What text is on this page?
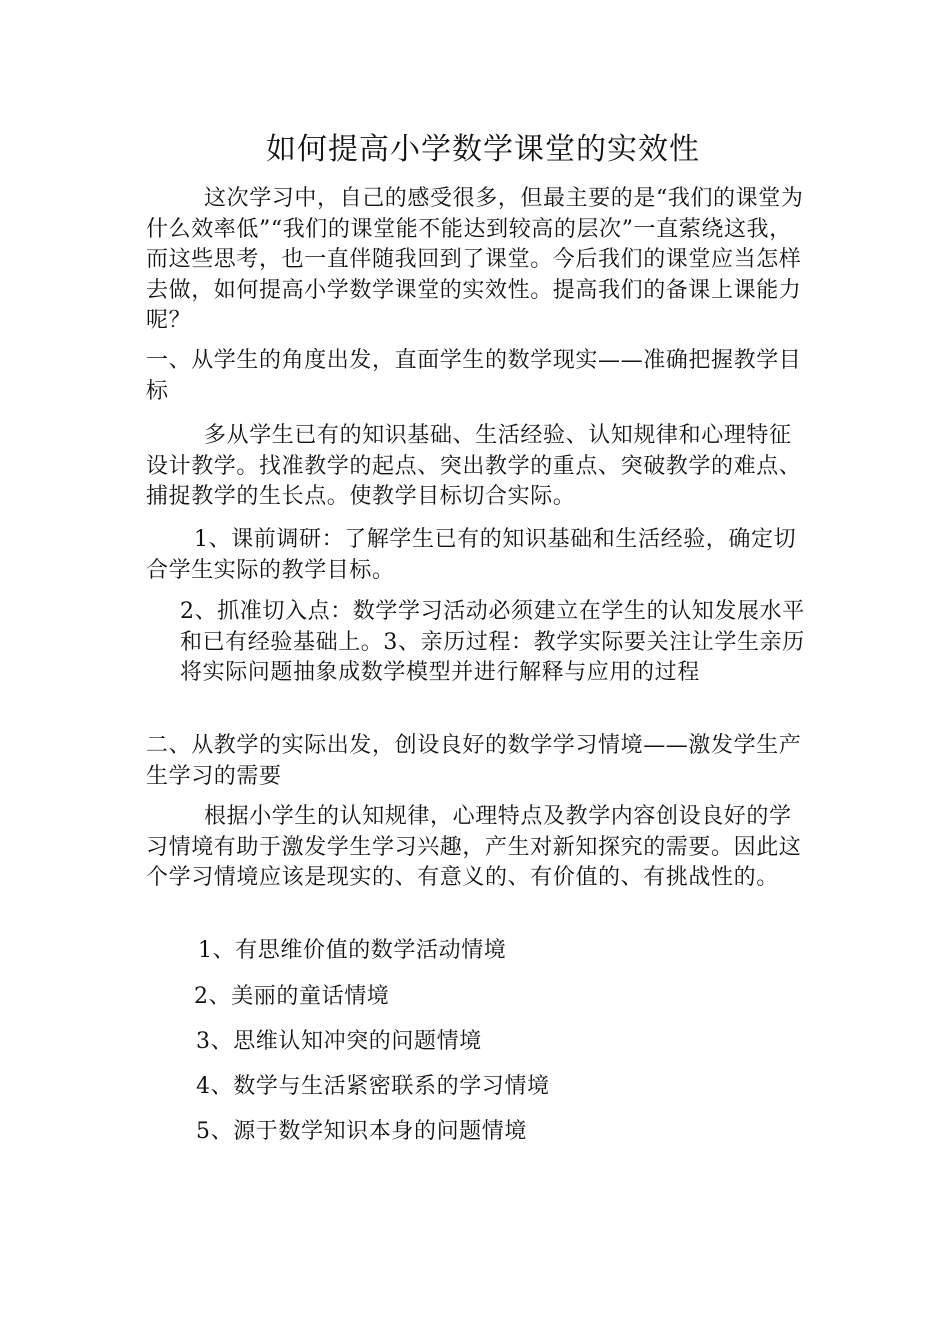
如何提高小学数学课堂的实效性

这次学习中，自己的感受很多，但最主要的是“我们的课堂为什么效率低”“我们的课堂能不能达到较高的层次”一直萦绕这我，而这些思考，也一直伴随我回到了课堂。今后我们的课堂应当怎样去做，如何提高小学数学课堂的实效性。提高我们的备课上课能力呢？

一、从学生的角度出发，直面学生的数学现实——准确把握教学目标

多从学生已有的知识基础、生活经验、认知规律和心理特征设计教学。找准教学的起点、突出教学的重点、突破教学的难点、捕捉教学的生长点。使教学目标切合实际。

1、课前调研：了解学生已有的知识基础和生活经验，确定切合学生实际的教学目标。

2、抓准切入点：数学学习活动必须建立在学生的认知发展水平和已有经验基础上。3、亲历过程：教学实际要关注让学生亲历将实际问题抽象成数学模型并进行解释与应用的过程

二、从教学的实际出发，创设良好的数学学习情境——激发学生产生学习的需要

根据小学生的认知规律，心理特点及教学内容创设良好的学习情境有助于激发学生学习兴趣，产生对新知探究的需要。因此这个学习情境应该是现实的、有意义的、有价值的、有挑战性的。

1、有思维价值的数学活动情境
2、美丽的童话情境
3、思维认知冲突的问题情境
4、数学与生活紧密联系的学习情境
5、源于数学知识本身的问题情境
